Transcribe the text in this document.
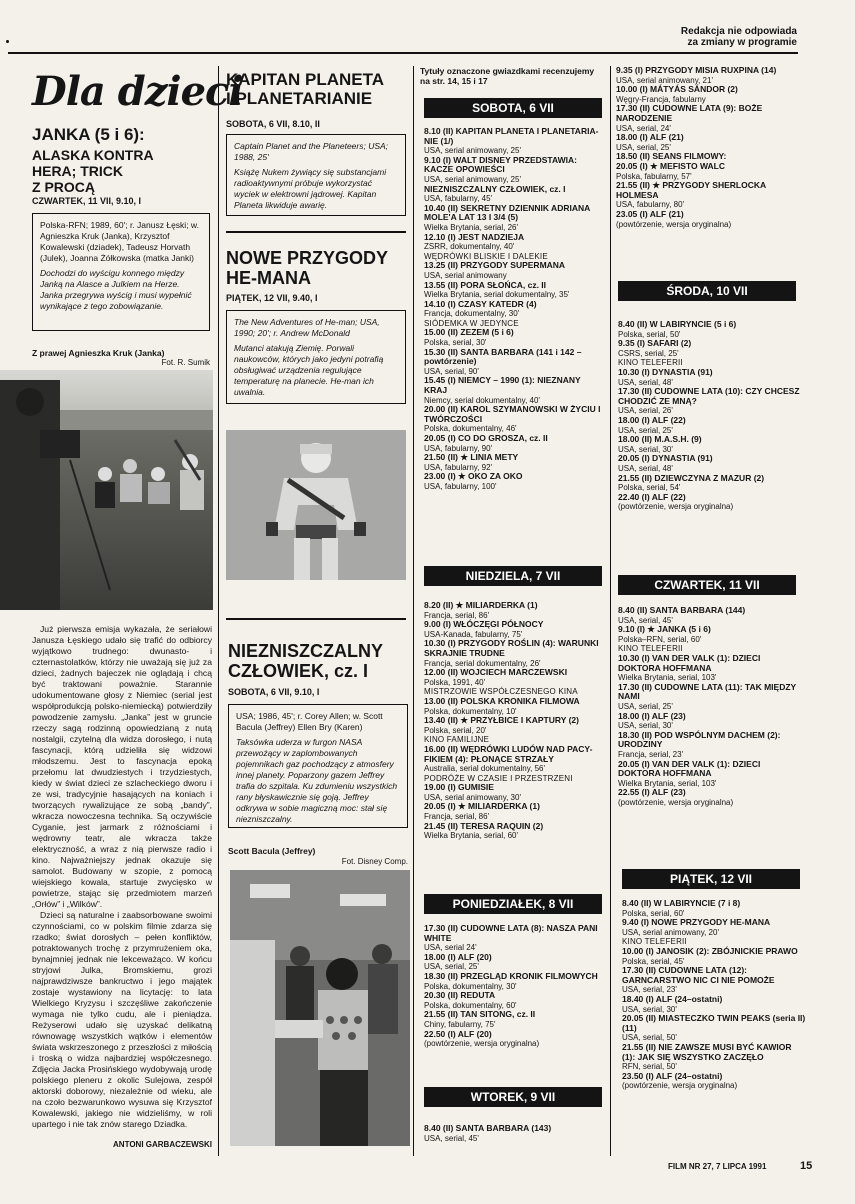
Redakcja nie odpowiada
za zmiany w programie
Dla dzieci
JANKA (5 i 6):
ALASKA KONTRA
HERA; TRICK
Z PROCĄ
CZWARTEK, 11 VII, 9.10, I
Polska-RFN; 1989, 60'; r. Janusz Łęski; w. Agnieszka Kruk (Janka), Krzysztof Kowalewski (dziadek), Tadeusz Horvath (Julek), Joanna Żółkowska (matka Janki)
Dochodzi do wyścigu konnego między Janką na Alasce a Julkiem na Herze. Janka przegrywa wyścig i musi wypełnić wynikające z tego zobowiązanie.
Z prawej Agnieszka Kruk (Janka)
Fot. R. Sumik

Już pierwsza emisja wykazała, że seriałowi Janusza Łęskiego udało się trafić do odbiorcy wyjątkowo trudnego: dwunasto- i czternastolatków, którzy nie uważają się już za dzieci, żadnych bajeczek nie oglądają i chcą być traktowani poważnie. Starannie udokumentowane głosy z Niemiec (serial jest współprodukcją polsko-niemiecką) potwierdziły powodzenie zamysłu. „Janka” jest w gruncie rzeczy sagą rodzinną opowiedzianą z nutą nostalgii, czytelną dla widza dorosłego, i nutą fascynacji, którą udzieliła się widzowi młodszemu. Jest to fascynacja epoką przełomu lat dwudziestych i trzydziestych, kiedy w świat dzieci ze szlacheckiego dworu i ze wsi, tradycyjnie hasających na koniach i tworzących rywalizujące ze sobą „bandy”, wkracza nowoczesna technika. Są oczywiście Cyganie, jest jarmark z różnościami i wędrowny teatr, ale wkracza także elektryczność, a wraz z nią pierwsze radio i kino. Najważniejszy jednak okazuje się samolot. Budowany w szopie, z pomocą wiejskiego kowala, startuje zwycięsko w powietrze, stając się przedmiotem marzeń „Orłów” i „Wilków”.

Dzieci są naturalne i zaabsorbowane swoimi czynnościami, co w polskim filmie zdarza się rzadko; świat dorosłych – pełen konfliktów, potraktowanych trochę z przymrużeniem oka, bynajmniej jednak nie lekceważąco. W końcu stryjowi Julka, Bromskiemu, grozi najprawdziwsze bankructwo i jego majątek zostaje wystawiony na licytację: to lata Wielkiego Kryzysu i szczęśliwe zakończenie wymaga nie tylko cudu, ale i pieniądza. Reżyserowi udało się uzyskać delikatną równowagę wszystkich wątków i elementów świata wskrzeszonego z przeszłości z miłością i troską o widza najbardziej współczesnego. Zdjęcia Jacka Prosińskiego wydobywają urodę polskiego pleneru z okolic Sulejowa, zespół aktorski doborowy, niezależnie od wieku, ale na czoło bezwarunkowo wysuwa się Krzysztof Kowalewski, jakiego nie widzieliśmy, w roli upartego i nie tak znów starego Dziadka.

ANTONI GARBACZEWSKI
KAPITAN PLANETA
I PLANETARIANIE
SOBOTA, 6 VII, 8.10, II
Captain Planet and the Planeteers; USA; 1988, 25'
Książę Nukem żywiący się substancjami radioaktywnymi próbuje wykorzystać wyciek w elektrowni jądrowej. Kapitan Planeta likwiduje awarię.
NOWE PRZYGODY
HE-MANA
PIĄTEK, 12 VII, 9.40, I
The New Adventures of He-man; USA, 1990; 20'; r. Andrew McDonald
Mutanci atakują Ziemię. Porwali naukowców, których jako jedyni potrafią obsługiwać urządzenia regulujące temperaturę na planecie. He-man ich uwalnia.
NIEZNISZCZALNY
CZŁOWIEK, cz. I
SOBOTA, 6 VII, 9.10, I
USA; 1986, 45'; r. Corey Allen; w. Scott Bacula (Jeffrey) Ellen Bry (Karen)
Taksówka uderza w furgon NASA przewożący w zaplombowanych pojemnikach gaz pochodzący z atmosfery innej planety. Poparzony gazem Jeffrey trafia do szpitala. Ku zdumieniu wszystkich rany błyskawicznie się goją. Jeffrey odkrywa w sobie magiczną moc: stał się niezniszczalny.
Scott Bacula (Jeffrey)
Fot. Disney Comp.
Tytuły oznaczone gwiazdkami recenzujemy na str. 14, 15 i 17
SOBOTA, 6 VII
8.10 (II) KAPITAN PLANETA I PLANETARIA-NIE (1/)
USA, serial animowany, 25'
9.10 (I) WALT DISNEY PRZEDSTAWIA: KACZE OPOWIEŚCI
USA, serial animowany, 25'
NIEZNISZCZALNY CZŁOWIEK, cz. I
USA, fabularny, 45'
10.40 (II) SEKRETNY DZIENNIK ADRIANA MOLE'A LAT 13 I 3/4 (5)
Wielka Brytania, serial, 26'
12.10 (I) JEST NADZIEJA
ZSRR, dokumentalny, 40'
WĘDRÓWKI BLISKIE I DALEKIE
13.25 (II) PRZYGODY SUPERMANA
USA, serial animowany
13.55 (II) PORA SŁOŃCA, cz. II
Wielka Brytania, serial dokumentalny, 35'
14.10 (I) CZASY KATEDR (4)
Francja, dokumentalny, 30'
SIÓDEMKA W JEDYNCE
15.00 (II) ZEZEM (5 i 6)
Polska, serial, 30'
15.30 (II) SANTA BARBARA (141 i 142 – powtórzenie)
USA, serial, 90'
15.45 (I) NIEMCY – 1990 (1): NIEZNANY KRAJ
Niemcy, serial dokumentalny, 40'
20.00 (II) KAROL SZYMANOWSKI W ŻYCIU I TWÓRCZOŚCI
Polska, dokumentalny, 46'
20.05 (I) CO DO GROSZA, cz. II
USA, fabularny, 90'
21.50 (II) ★ LINIA METY
USA, fabularny, 92'
23.00 (I) ★ OKO ZA OKO
USA, fabularny, 100'
NIEDZIELA, 7 VII
8.20 (II) ★ MILIARDERKA (1)
Francja, serial, 86'
9.00 (I) WŁÓCZĘGI PÓŁNOCY
USA-Kanada, fabularny, 75'
10.30 (I) PRZYGODY ROŚLIN (4): WARUNKI SKRAJNIE TRUDNE
Francja, serial dokumentalny, 26'
12.00 (II) WOJCIECH MARCZEWSKI
Polska, 1991, 40'
MISTRZOWIE WSPÓŁCZESNEGO KINA
13.00 (II) POLSKA KRONIKA FILMOWA
Polska, dokumentalny, 10'
13.40 (II) ★ PRZYŁBICE I KAPTURY (2)
Polska, serial, 20'
KINO FAMILIJNE
16.00 (II) WĘDRÓWKI LUDÓW NAD PACY-FIKIEM (4): PŁONĄCE STRZAŁY
Australia, serial dokumentalny, 56'
PODRÓŻE W CZASIE I PRZESTRZENI
19.00 (I) GUMISIE
USA, serial animowany, 30'
20.05 (I) ★ MILIARDERKA (1)
Francja, serial, 86'
21.45 (II) TERESA RAQUIN (2)
Wielka Brytania, serial, 60'
PONIEDZIAŁEK, 8 VII
17.30 (II) CUDOWNE LATA (8): NASZA PANI WHITE
USA, serial 24'
18.00 (I) ALF (20)
USA, serial, 25'
18.30 (II) PRZEGLĄD KRONIK FILMOWYCH
Polska, dokumentalny, 30'
20.30 (II) REDUTA
Polska, dokumentalny, 60'
21.55 (II) TAN SITONG, cz. II
Chiny, fabularny, 75'
22.50 (I) ALF (20)
(powtórzenie, wersja oryginalna)
WTOREK, 9 VII
8.40 (II) SANTA BARBARA (143)
USA, serial, 45'
9.35 (I) PRZYGODY MISIA RUXPINA (14)
USA, serial animowany, 21'
10.00 (I) MÁTYÁS SÁNDOR (2)
Węgry-Francja, fabularny
17.30 (II) CUDOWNE LATA (9): BOŻE NARODZENIE
USA, serial, 24'
18.00 (I) ALF (21)
USA, serial, 25'
18.50 (II) SEANS FILMOWY:
20.05 (I) ★ MEFISTO WALC
Polska, fabularny, 57'
21.55 (II) ★ PRZYGODY SHERLOCKA HOLMESA
USA, fabularny, 80'
23.05 (I) ALF (21)
(powtórzenie, wersja oryginalna)
ŚRODA, 10 VII
8.40 (II) W LABIRYNCIE (5 i 6)
Polska, serial, 50'
9.35 (I) SAFARI (2)
CSRS, serial, 25'
KINO TELEFERII
10.30 (I) DYNASTIA (91)
USA, serial, 48'
17.30 (II) CUDOWNE LATA (10): CZY CHCESZ CHODZIĆ ZE MNĄ?
USA, serial, 26'
18.00 (I) ALF (22)
USA, serial, 25'
18.00 (II) M.A.S.H. (9)
USA, serial, 30'
20.05 (I) DYNASTIA (91)
USA, serial, 48'
21.55 (II) DZIEWCZYNA Z MAZUR (2)
Polska, serial, 54'
22.40 (I) ALF (22)
(powtórzenie, wersja oryginalna)
CZWARTEK, 11 VII
8.40 (II) SANTA BARBARA (144)
USA, serial, 45'
9.10 (I) ★ JANKA (5 i 6)
Polska–RFN, serial, 60'
KINO TELEFERII
10.30 (I) VAN DER VALK (1): DZIECI DOKTORA HOFFMANA
Wielka Brytania, serial, 103'
17.30 (II) CUDOWNE LATA (11): TAK MIĘDZY NAMI
USA, serial, 25'
18.00 (I) ALF (23)
USA, serial, 30'
18.30 (II) POD WSPÓLNYM DACHEM (2): URODZINY
Francja, serial, 23'
20.05 (I) VAN DER VALK (1): DZIECI DOKTORA HOFFMANA
Wielka Brytania, serial, 103'
22.55 (I) ALF (23)
(powtórzenie, wersja oryginalna)
PIĄTEK, 12 VII
8.40 (II) W LABIRYNCIE (7 i 8)
Polska, serial, 60'
9.40 (I) NOWE PRZYGODY HE-MANA
USA, serial animowany, 20'
KINO TELEFERII
10.00 (I) JANOSIK (2): ZBÓJNICKIE PRAWO
Polska, serial, 45'
17.30 (II) CUDOWNE LATA (12): GARNCARSTWO NIC CI NIE POMOŻE
USA, serial, 23'
18.40 (I) ALF (24–ostatni)
USA, serial, 30'
20.05 (II) MIASTECZKO TWIN PEAKS (seria II) (11)
USA, serial, 50'
21.55 (II) NIE ZAWSZE MUSI BYĆ KAWIOR (1): JAK SIĘ WSZYSTKO ZACZĘŁO
RFN, serial, 50'
23.50 (I) ALF (24–ostatni)
(powtórzenie, wersja oryginalna)
FILM NR 27, 7 LIPCA 1991	15
